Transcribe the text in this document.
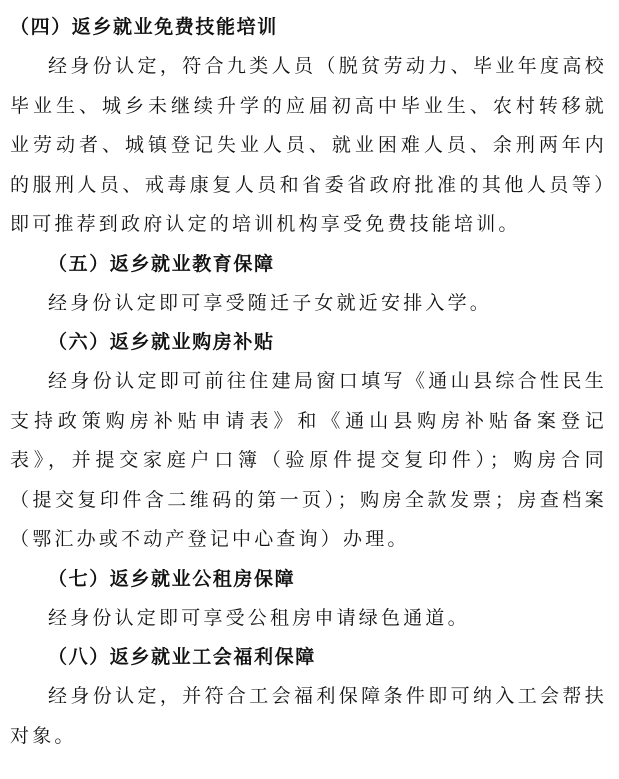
（四）返乡就业免费技能培训

经身份认定，符合九类人员（脱贫劳动力、毕业年度高校毕业生、城乡未继续升学的应届初高中毕业生、农村转移就业劳动者、城镇登记失业人员、就业困难人员、余刑两年内的服刑人员、戒毒康复人员和省委省政府批准的其他人员等）即可推荐到政府认定的培训机构享受免费技能培训。

（五）返乡就业教育保障

经身份认定即可享受随迁子女就近安排入学。

（六）返乡就业购房补贴

经身份认定即可前往住建局窗口填写《通山县综合性民生支持政策购房补贴申请表》和《通山县购房补贴备案登记表》，并提交家庭户口簿（验原件提交复印件）；购房合同（提交复印件含二维码的第一页）；购房全款发票；房查档案（鄂汇办或不动产登记中心查询）办理。

（七）返乡就业公租房保障

经身份认定即可享受公租房申请绿色通道。

（八）返乡就业工会福利保障

经身份认定，并符合工会福利保障条件即可纳入工会帮扶对象。
